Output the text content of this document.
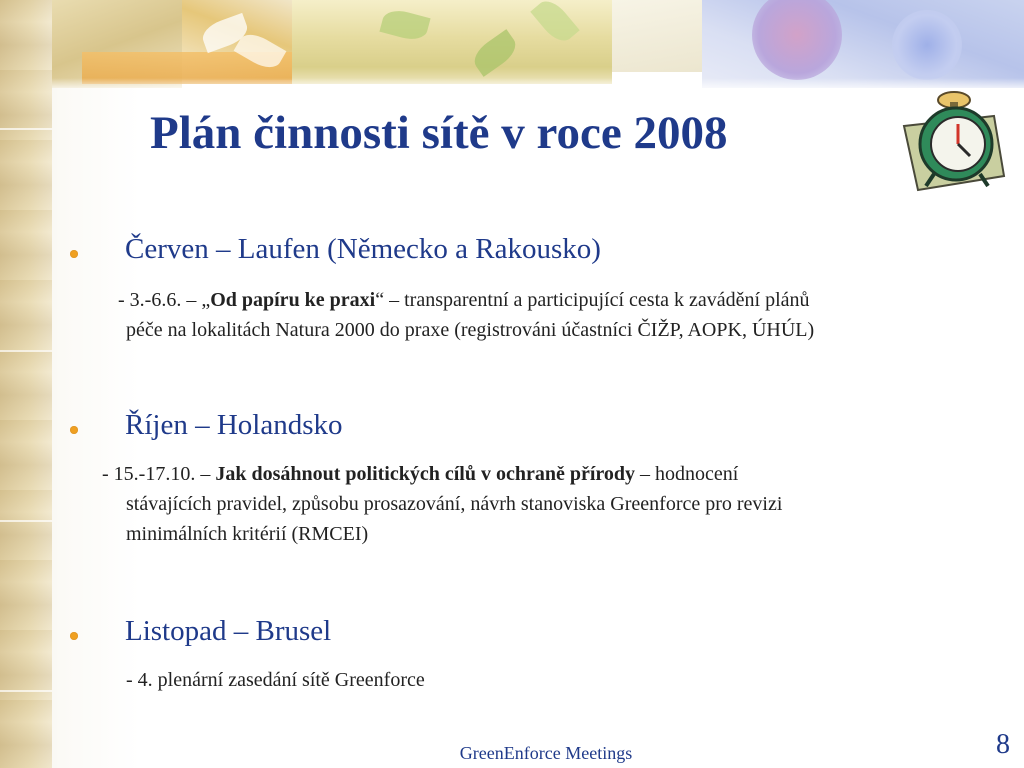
Plán činnosti sítě v roce 2008

Červen – Laufen (Německo a Rakousko)

- 3.-6.6. – „Od papíru ke praxi“ – transparentní a participující cesta k zavádění plánů

péče na lokalitách Natura 2000 do praxe (registrováni účastníci ČIŽP, AOPK, ÚHÚL)

Říjen – Holandsko

- 15.-17.10. – Jak dosáhnout politických cílů v ochraně přírody – hodnocení

stávajících pravidel, způsobu prosazování, návrh stanoviska Greenforce pro revizi

minimálních kritérií (RMCEI)

Listopad – Brusel

- 4. plenární zasedání sítě Greenforce

GreenEnforce Meetings	8
